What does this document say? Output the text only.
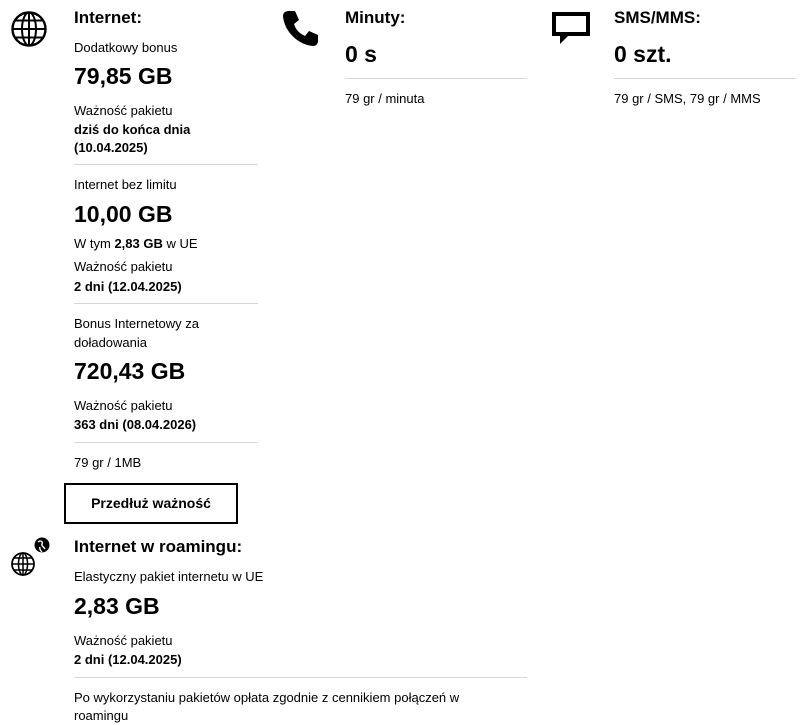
Internet:
Dodatkowy bonus
79,85 GB
Ważność pakietu
dziś do końca dnia
(10.04.2025)
Internet bez limitu
10,00 GB
W tym 2,83 GB w UE
Ważność pakietu
2 dni (12.04.2025)
Bonus Internetowy za
doładowania
720,43 GB
Ważność pakietu
363 dni (08.04.2026)
79 gr / 1MB
Przedłuż ważność
Minuty:
0 s
79 gr / minuta
SMS/MMS:
0 szt.
79 gr / SMS, 79 gr / MMS
Internet w roamingu:
Elastyczny pakiet internetu w UE
2,83 GB
Ważność pakietu
2 dni (12.04.2025)
Po wykorzystaniu pakietów opłata zgodnie z cennikiem połączeń w
roamingu
